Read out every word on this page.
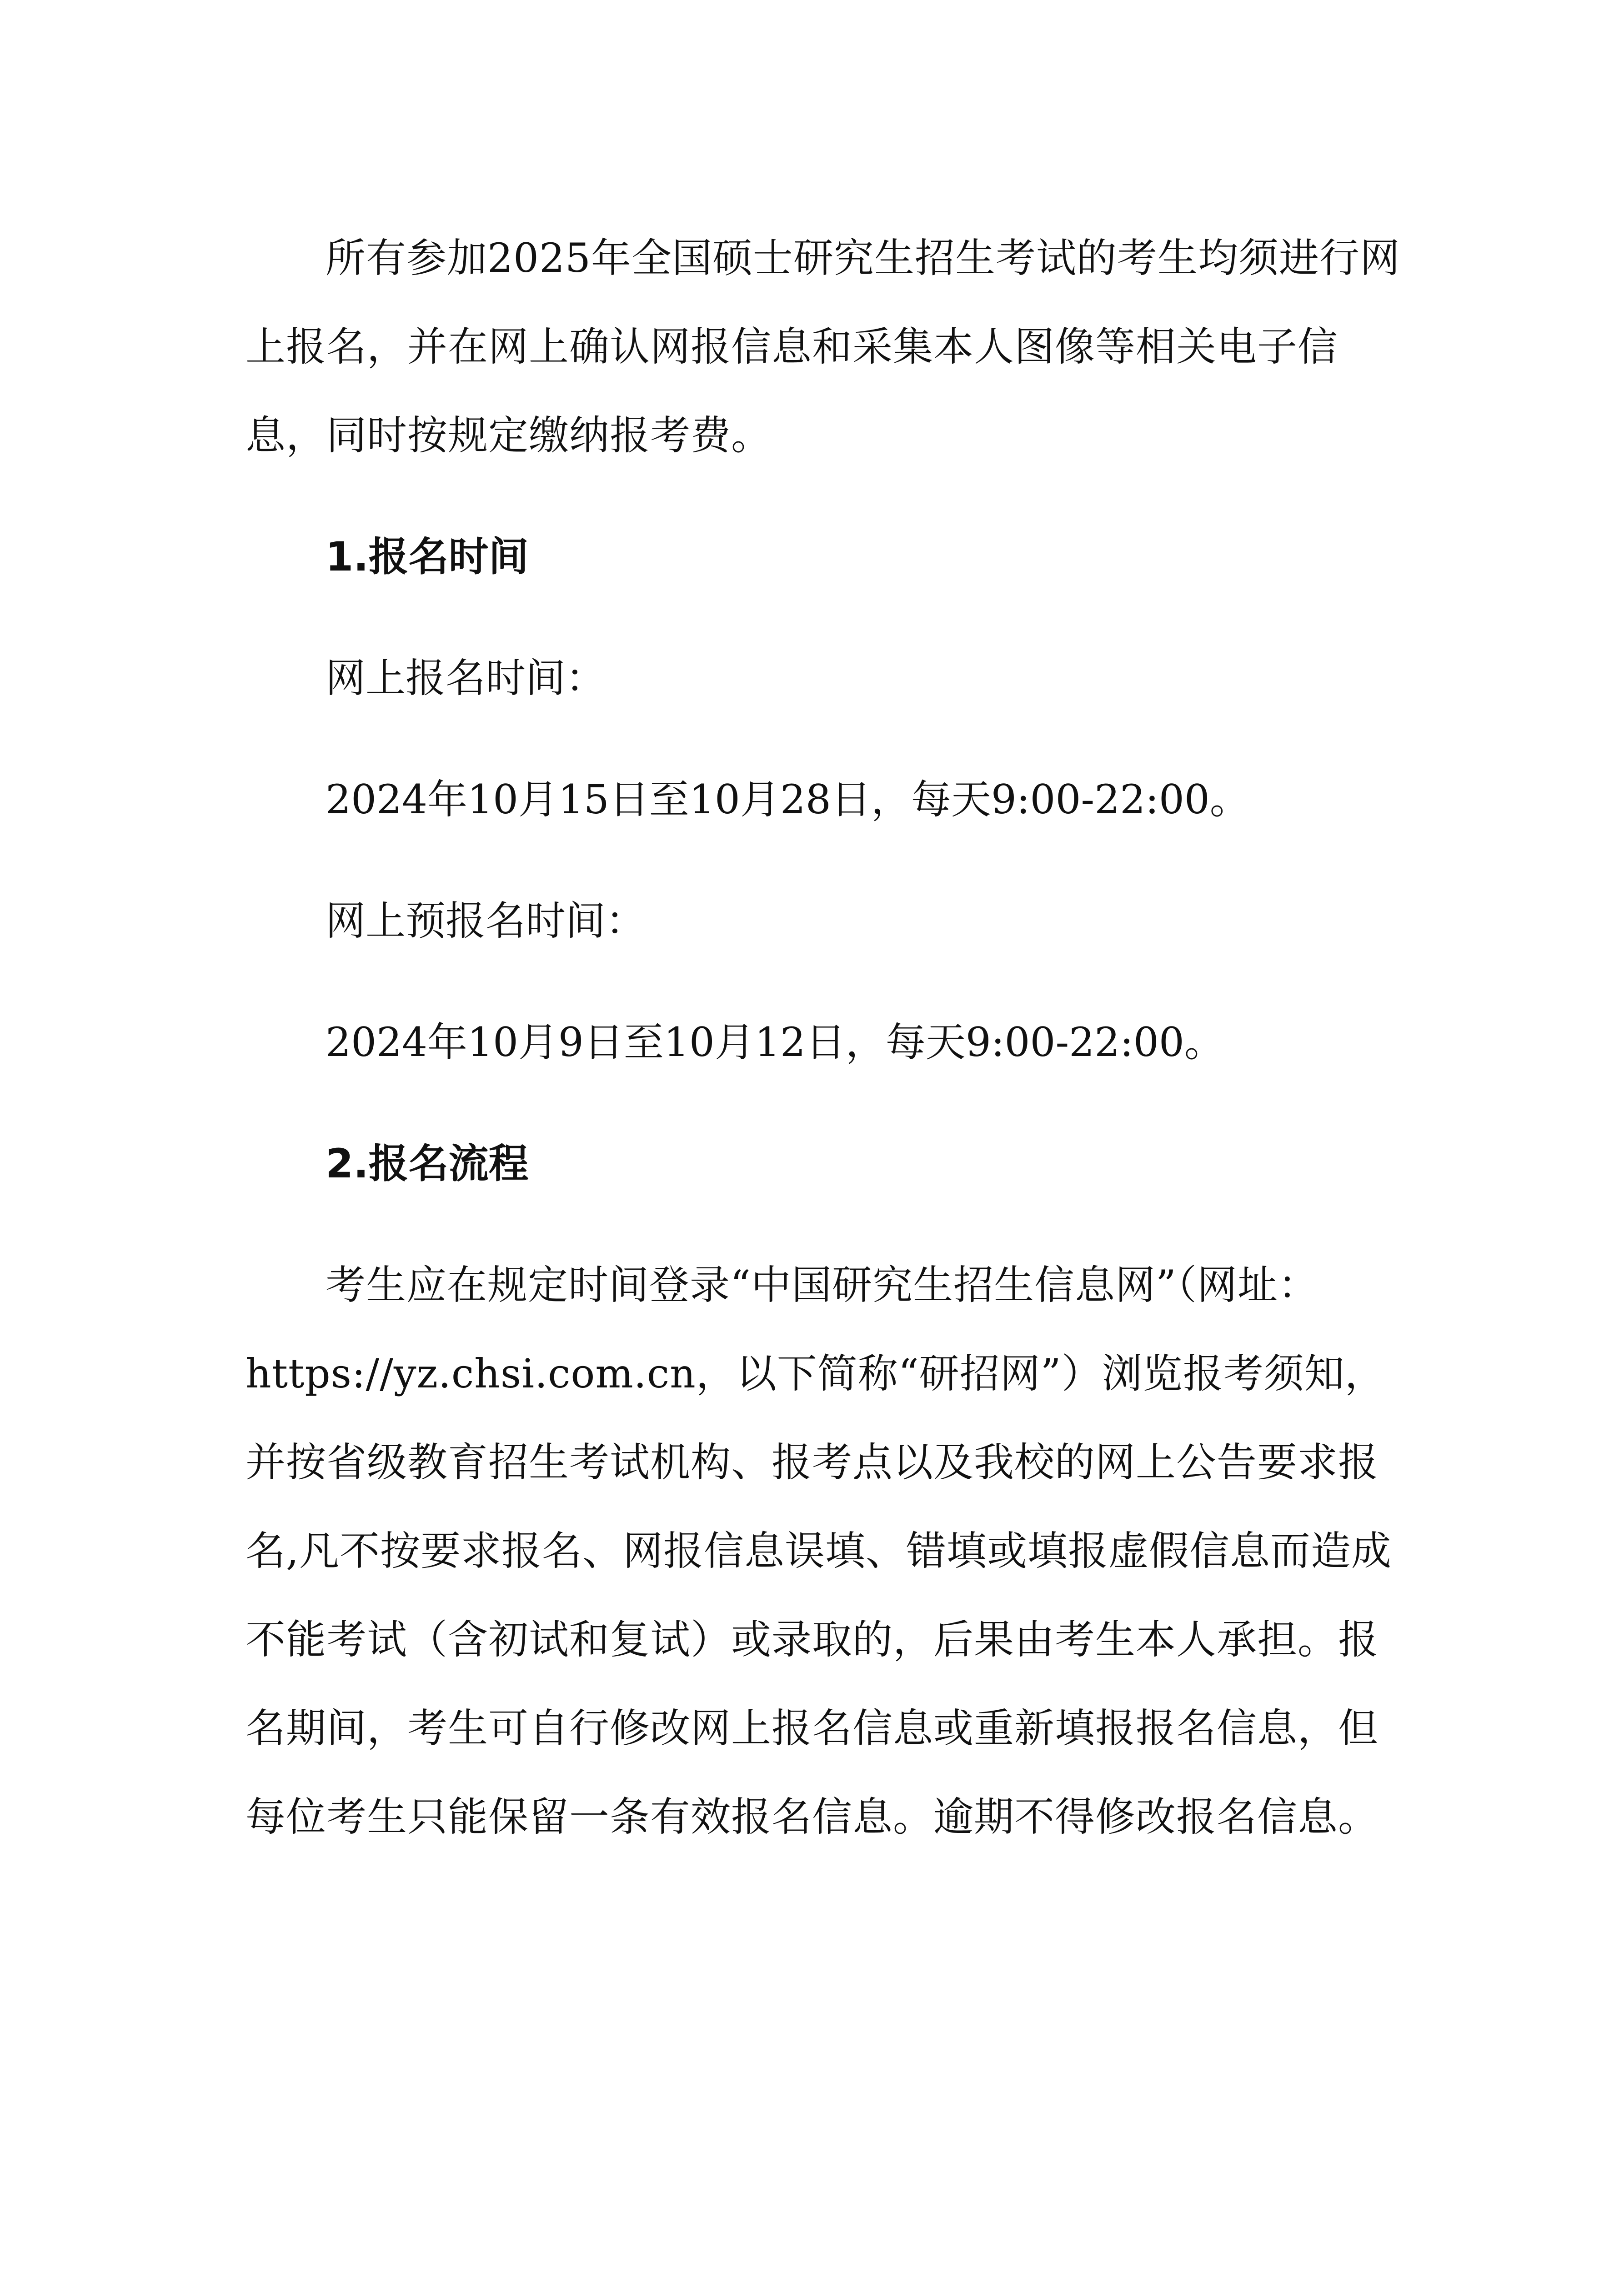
所有参加2025年全国硕士研究生招生考试的考生均须进行网上报名，并在网上确认网报信息和采集本人图像等相关电子信息，同时按规定缴纳报考费。

1.报名时间

网上报名时间：

2024年10月15日至10月28日，每天9:00-22:00。

网上预报名时间：

2024年10月9日至10月12日，每天9:00-22:00。

2.报名流程

考生应在规定时间登录“中国研究生招生信息网”（网址：https://yz.chsi.com.cn，以下简称“研招网”）浏览报考须知，并按省级教育招生考试机构、报考点以及我校的网上公告要求报名,凡不按要求报名、网报信息误填、错填或填报虚假信息而造成不能考试（含初试和复试）或录取的，后果由考生本人承担。报名期间，考生可自行修改网上报名信息或重新填报报名信息，但每位考生只能保留一条有效报名信息。逾期不得修改报名信息。
